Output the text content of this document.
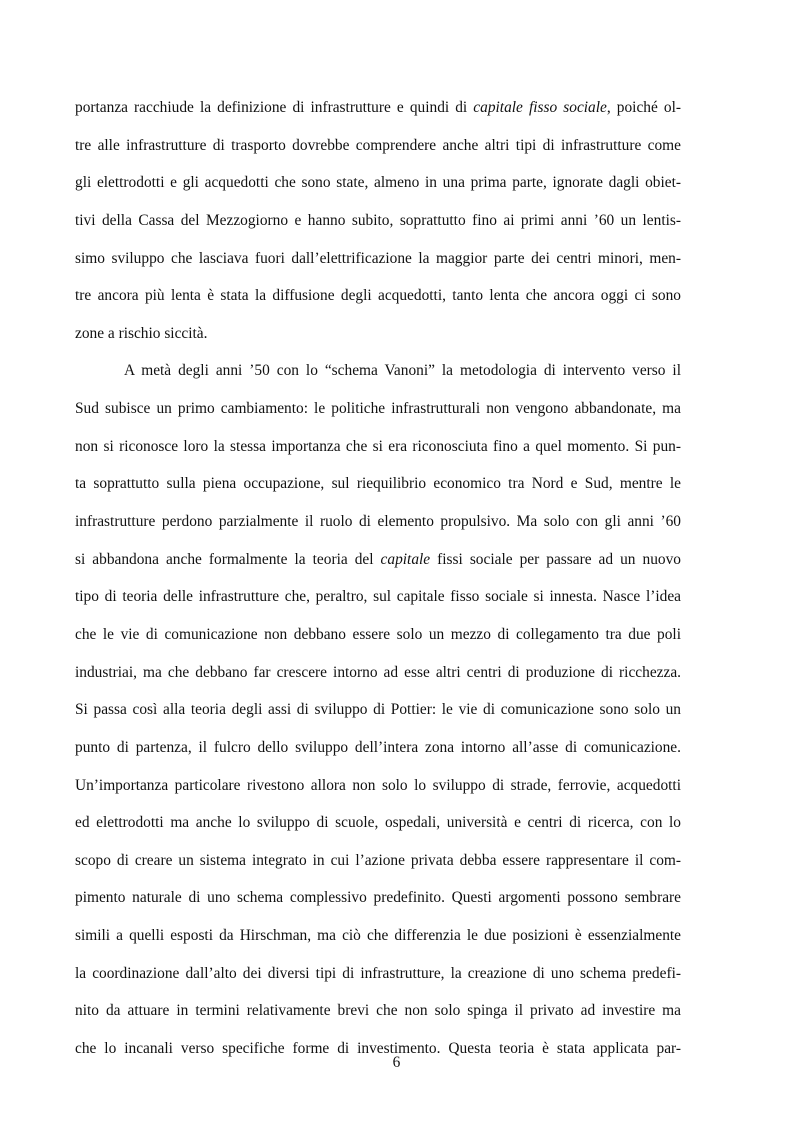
portanza racchiude la definizione di infrastrutture e quindi di capitale fisso sociale, poiché ol-
tre alle infrastrutture di trasporto dovrebbe comprendere anche altri tipi di infrastrutture come
gli elettrodotti e gli acquedotti che sono state, almeno in una prima parte, ignorate dagli obiet-
tivi della Cassa del Mezzogiorno e hanno subito, soprattutto fino ai primi anni ’60 un lentis-
simo sviluppo che lasciava fuori dall’elettrificazione la maggior parte dei centri minori, men-
tre ancora più lenta è stata la diffusione degli acquedotti, tanto lenta che ancora oggi ci sono
zone a rischio siccità.
A metà degli anni ’50 con lo “schema Vanoni” la metodologia di intervento verso il
Sud subisce un primo cambiamento: le politiche infrastrutturali non vengono abbandonate, ma
non si riconosce loro la stessa importanza che si era riconosciuta fino a quel momento. Si pun-
ta soprattutto sulla piena occupazione, sul riequilibrio economico tra Nord e Sud, mentre le
infrastrutture perdono parzialmente il ruolo di elemento propulsivo. Ma solo con gli anni ’60
si abbandona anche formalmente la teoria del capitale fissi sociale per passare ad un nuovo
tipo di teoria delle infrastrutture che, peraltro, sul capitale fisso sociale si innesta. Nasce l’idea
che le vie di comunicazione non debbano essere solo un mezzo di collegamento tra due poli
industriai, ma che debbano far crescere intorno ad esse altri centri di produzione di ricchezza.
Si passa così alla teoria degli assi di sviluppo di Pottier: le vie di comunicazione sono solo un
punto di partenza, il fulcro dello sviluppo dell’intera zona intorno all’asse di comunicazione.
Un’importanza particolare rivestono allora non solo lo sviluppo di strade, ferrovie, acquedotti
ed elettrodotti ma anche lo sviluppo di scuole, ospedali, università e centri di ricerca, con lo
scopo di creare un sistema integrato in cui l’azione privata debba essere rappresentare il com-
pimento naturale di uno schema complessivo predefinito. Questi argomenti possono sembrare
simili a quelli esposti da Hirschman, ma ciò che differenzia le due posizioni è essenzialmente
la coordinazione dall’alto dei diversi tipi di infrastrutture, la creazione di uno schema predefi-
nito da attuare in termini relativamente brevi che non solo spinga il privato ad investire ma
che lo incanali verso specifiche forme di investimento. Questa teoria è stata applicata par-
6
